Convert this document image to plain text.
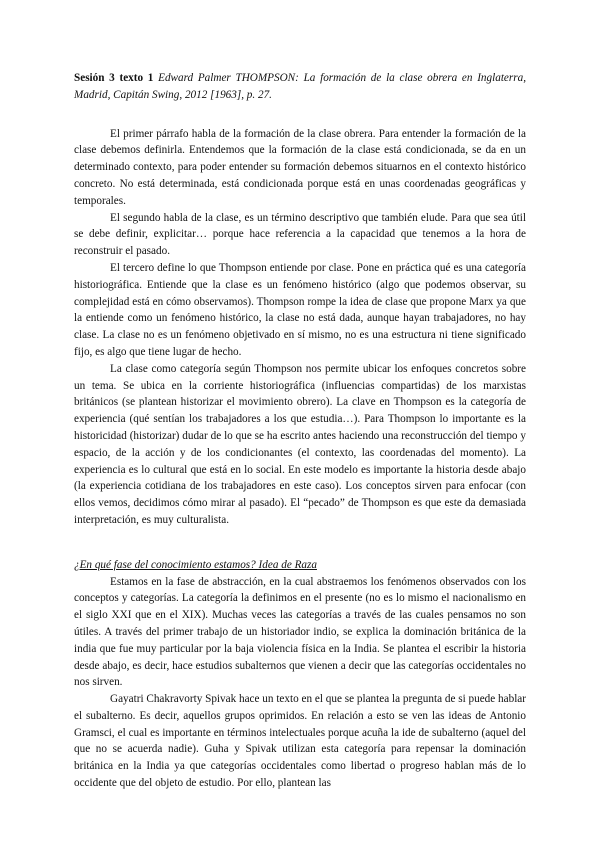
Sesión 3 texto 1 Edward Palmer THOMPSON: La formación de la clase obrera en Inglaterra, Madrid, Capitán Swing, 2012 [1963], p. 27.

El primer párrafo habla de la formación de la clase obrera. Para entender la formación de la clase debemos definirla. Entendemos que la formación de la clase está condicionada, se da en un determinado contexto, para poder entender su formación debemos situarnos en el contexto histórico concreto. No está determinada, está condicionada porque está en unas coordenadas geográficas y temporales.

El segundo habla de la clase, es un término descriptivo que también elude. Para que sea útil se debe definir, explicitar… porque hace referencia a la capacidad que tenemos a la hora de reconstruir el pasado.

El tercero define lo que Thompson entiende por clase. Pone en práctica qué es una categoría historiográfica. Entiende que la clase es un fenómeno histórico (algo que podemos observar, su complejidad está en cómo observamos). Thompson rompe la idea de clase que propone Marx ya que la entiende como un fenómeno histórico, la clase no está dada, aunque hayan trabajadores, no hay clase. La clase no es un fenómeno objetivado en sí mismo, no es una estructura ni tiene significado fijo, es algo que tiene lugar de hecho.

La clase como categoría según Thompson nos permite ubicar los enfoques concretos sobre un tema. Se ubica en la corriente historiográfica (influencias compartidas) de los marxistas británicos (se plantean historizar el movimiento obrero). La clave en Thompson es la categoría de experiencia (qué sentían los trabajadores a los que estudia…). Para Thompson lo importante es la historicidad (historizar) dudar de lo que se ha escrito antes haciendo una reconstrucción del tiempo y espacio, de la acción y de los condicionantes (el contexto, las coordenadas del momento). La experiencia es lo cultural que está en lo social. En este modelo es importante la historia desde abajo (la experiencia cotidiana de los trabajadores en este caso). Los conceptos sirven para enfocar (con ellos vemos, decidimos cómo mirar al pasado). El “pecado” de Thompson es que este da demasiada interpretación, es muy culturalista.

¿En qué fase del conocimiento estamos? Idea de Raza

Estamos en la fase de abstracción, en la cual abstraemos los fenómenos observados con los conceptos y categorías. La categoría la definimos en el presente (no es lo mismo el nacionalismo en el siglo XXI que en el XIX). Muchas veces las categorías a través de las cuales pensamos no son útiles. A través del primer trabajo de un historiador indio, se explica la dominación británica de la india que fue muy particular por la baja violencia física en la India. Se plantea el escribir la historia desde abajo, es decir, hace estudios subalternos que vienen a decir que las categorías occidentales no nos sirven.

Gayatri Chakravorty Spivak hace un texto en el que se plantea la pregunta de si puede hablar el subalterno. Es decir, aquellos grupos oprimidos. En relación a esto se ven las ideas de Antonio Gramsci, el cual es importante en términos intelectuales porque acuña la ide de subalterno (aquel del que no se acuerda nadie). Guha y Spivak utilizan esta categoría para repensar la dominación británica en la India ya que categorías occidentales como libertad o progreso hablan más de lo occidente que del objeto de estudio. Por ello, plantean las
